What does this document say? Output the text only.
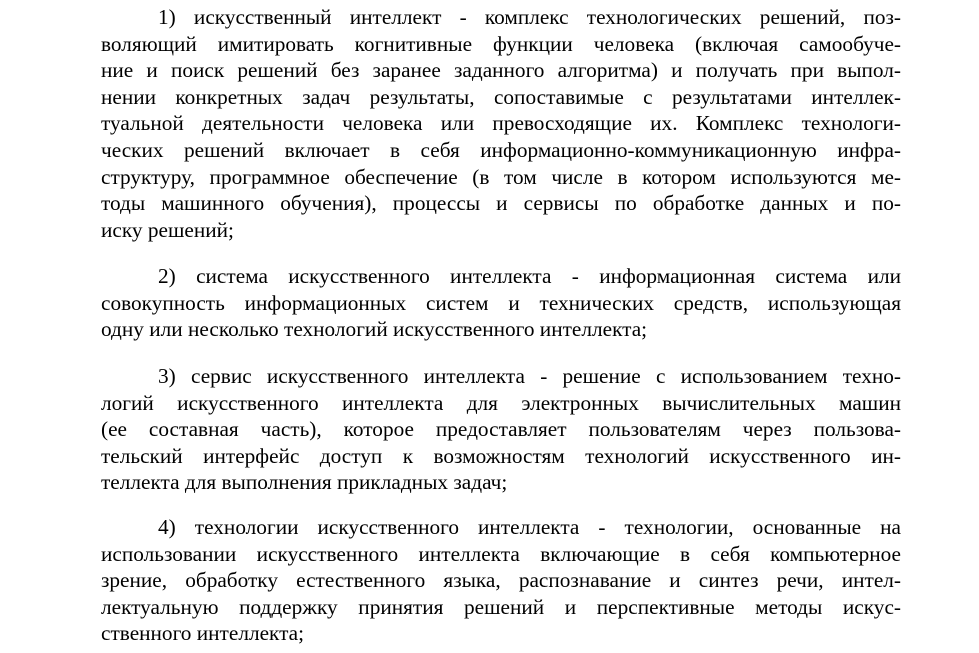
1) искусственный интеллект - комплекс технологических решений, поз-
воляющий имитировать когнитивные функции человека (включая самообуче-
ние и поиск решений без заранее заданного алгоритма) и получать при выпол-
нении конкретных задач результаты, сопоставимые с результатами интеллек-
туальной деятельности человека или превосходящие их. Комплекс технологи-
ческих решений включает в себя информационно-коммуникационную инфра-
структуру, программное обеспечение (в том числе в котором используются ме-
тоды машинного обучения), процессы и сервисы по обработке данных и по-
иску решений;

2) система искусственного интеллекта - информационная система или
совокупность информационных систем и технических средств, использующая
одну или несколько технологий искусственного интеллекта;

3) сервис искусственного интеллекта - решение с использованием техно-
логий искусственного интеллекта для электронных вычислительных машин
(ее составная часть), которое предоставляет пользователям через пользова-
тельский интерфейс доступ к возможностям технологий искусственного ин-
теллекта для выполнения прикладных задач;

4) технологии искусственного интеллекта - технологии, основанные на
использовании искусственного интеллекта включающие в себя компьютерное
зрение, обработку естественного языка, распознавание и синтез речи, интел-
лектуальную поддержку принятия решений и перспективные методы искус-
ственного интеллекта;
